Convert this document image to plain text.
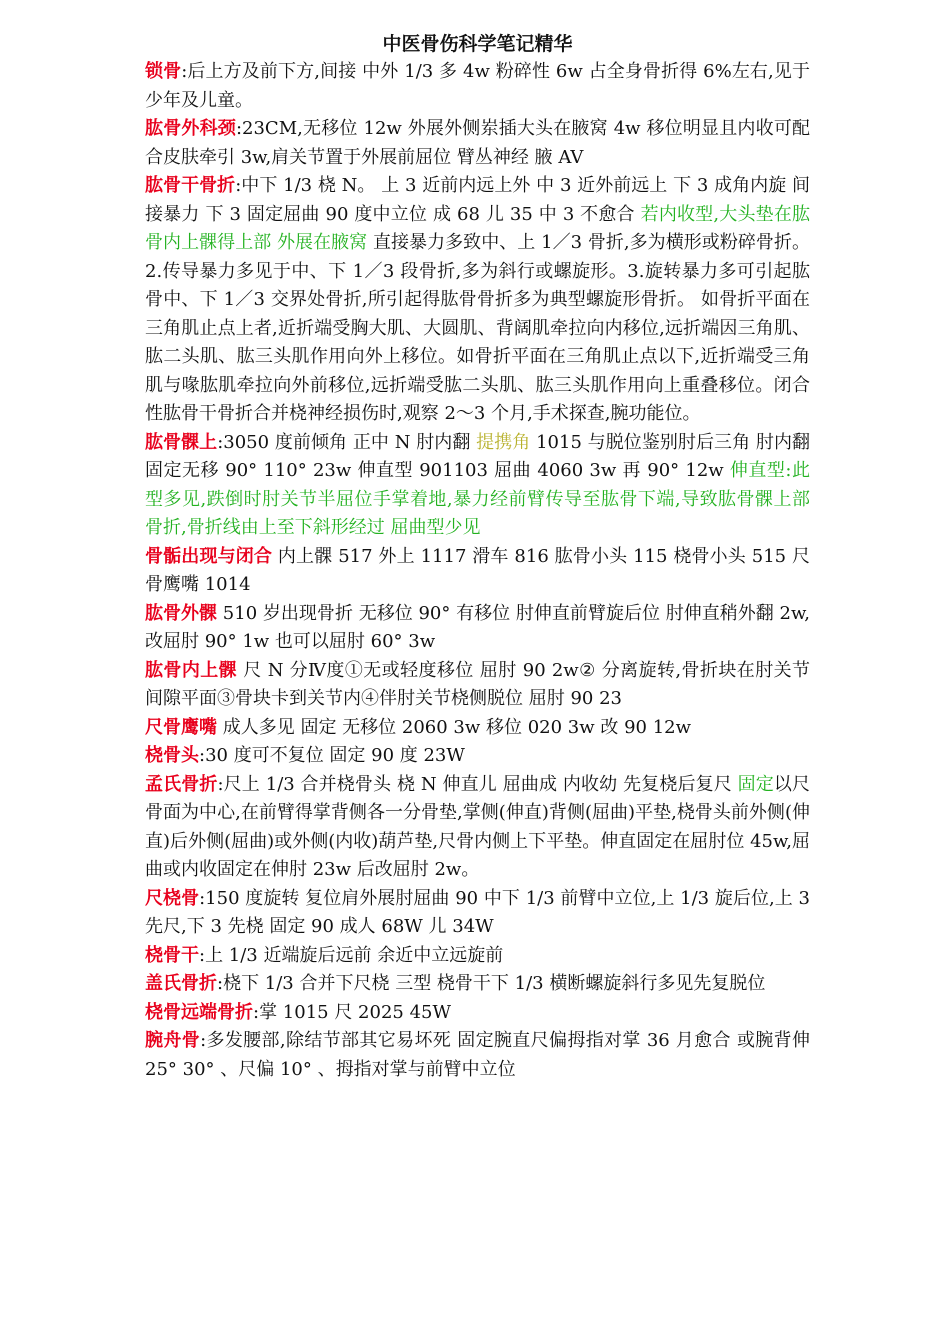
中医骨伤科学笔记精华

锁骨:后上方及前下方,间接 中外 1/3 多 4w 粉碎性 6w 占全身骨折得 6%左右,见于少年及儿童。

肱骨外科颈:23CM,无移位 12w 外展外侧岽插大头在腋窝 4w 移位明显且内收可配合皮肤牵引 3w,肩关节置于外展前屈位 臂丛神经 腋 AV

肱骨干骨折:中下 1/3 桡 N。 上 3 近前内远上外 中 3 近外前远上 下 3 成角内旋 间接暴力 下 3 固定屈曲 90 度中立位 成 68 儿 35 中 3 不愈合 若内收型,大头垫在肱骨内上髁得上部 外展在腋窝 直接暴力多致中、上 1／3 骨折,多为横形或粉碎骨折。2.传导暴力多见于中、下 1／3 段骨折,多为斜行或螺旋形。3.旋转暴力多可引起肱骨中、下 1／3 交界处骨折,所引起得肱骨骨折多为典型螺旋形骨折。 如骨折平面在三角肌止点上者,近折端受胸大肌、大圆肌、背阔肌牵拉向内移位,远折端因三角肌、肱二头肌、肱三头肌作用向外上移位。如骨折平面在三角肌止点以下,近折端受三角肌与喙肱肌牵拉向外前移位,远折端受肱二头肌、肱三头肌作用向上重叠移位。闭合性肱骨干骨折合并桡神经损伤时,观察 2～3 个月,手术探查,腕功能位。

肱骨髁上:3050 度前倾角 正中 N 肘内翻 提携角 1015 与脱位鉴别肘后三角 肘内翻 固定无移 90° 110° 23w 伸直型 901103 屈曲 4060 3w 再 90° 12w 伸直型:此型多见,跌倒时肘关节半屈位手掌着地,暴力经前臂传导至肱骨下端,导致肱骨髁上部骨折,骨折线由上至下斜形经过 屈曲型少见

骨骺出现与闭合 内上髁 517 外上 1117 滑车 816 肱骨小头 115 桡骨小头 515 尺骨鹰嘴 1014

肱骨外髁 510 岁出现骨折 无移位 90° 有移位 肘伸直前臂旋后位 肘伸直稍外翻 2w,改屈肘 90° 1w 也可以屈肘 60° 3w

肱骨内上髁 尺 N 分Ⅳ度①无或轻度移位 屈肘 90 2w② 分离旋转,骨折块在肘关节间隙平面③骨块卡到关节内④伴肘关节桡侧脱位 屈肘 90 23

尺骨鹰嘴 成人多见 固定 无移位 2060 3w 移位 020 3w 改 90 12w

桡骨头:30 度可不复位 固定 90 度 23W

孟氏骨折:尺上 1/3 合并桡骨头 桡 N 伸直儿 屈曲成 内收幼 先复桡后复尺 固定以尺骨面为中心,在前臂得掌背侧各一分骨垫,掌侧(伸直)背侧(屈曲)平垫,桡骨头前外侧(伸直)后外侧(屈曲)或外侧(内收)葫芦垫,尺骨内侧上下平垫。伸直固定在屈肘位 45w,屈曲或内收固定在伸肘 23w 后改屈肘 2w。

尺桡骨:150 度旋转 复位肩外展肘屈曲 90 中下 1/3 前臂中立位,上 1/3 旋后位,上 3 先尺,下 3 先桡 固定 90 成人 68W 儿 34W

桡骨干:上 1/3 近端旋后远前 余近中立远旋前

盖氏骨折:桡下 1/3 合并下尺桡 三型 桡骨干下 1/3 横断螺旋斜行多见先复脱位

桡骨远端骨折:掌 1015 尺 2025 45W

腕舟骨:多发腰部,除结节部其它易坏死 固定腕直尺偏拇指对掌 36 月愈合 或腕背伸 25° 30° 、尺偏 10° 、拇指对掌与前臂中立位
